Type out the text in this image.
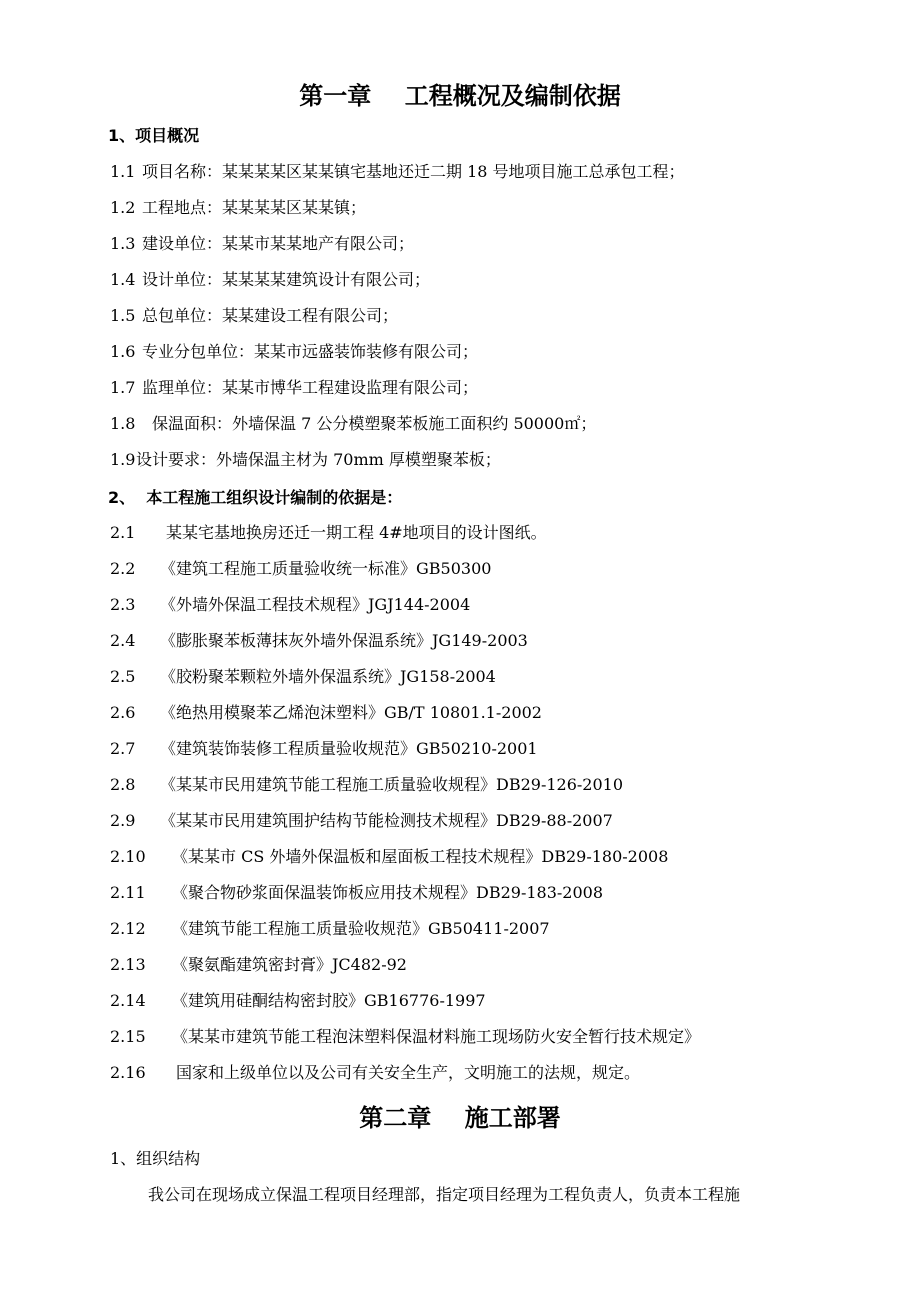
第一章    工程概况及编制依据
1、项目概况
1.1 项目名称：某某某某区某某镇宅基地还迁二期 18 号地项目施工总承包工程；
1.2 工程地点：某某某某区某某镇；
1.3 建设单位：某某市某某地产有限公司；
1.4 设计单位：某某某某建筑设计有限公司；
1.5 总包单位：某某建设工程有限公司；
1.6 专业分包单位：某某市远盛装饰装修有限公司；
1.7 监理单位：某某市博华工程建设监理有限公司；
1.8 保温面积：外墙保温 7 公分模塑聚苯板施工面积约 50000㎡；
1.9设计要求：外墙保温主材为 70mm 厚模塑聚苯板；
2、  本工程施工组织设计编制的依据是：
2.1 某某宅基地换房还迁一期工程 4#地项目的设计图纸。
2.2 《建筑工程施工质量验收统一标准》GB50300
2.3 《外墙外保温工程技术规程》JGJ144-2004
2.4 《膨胀聚苯板薄抹灰外墙外保温系统》JG149-2003
2.5 《胶粉聚苯颗粒外墙外保温系统》JG158-2004
2.6 《绝热用模聚苯乙烯泡沫塑料》GB/T 10801.1-2002
2.7 《建筑装饰装修工程质量验收规范》GB50210-2001
2.8 《某某市民用建筑节能工程施工质量验收规程》DB29-126-2010
2.9 《某某市民用建筑围护结构节能检测技术规程》DB29-88-2007
2.10 《某某市 CS 外墙外保温板和屋面板工程技术规程》DB29-180-2008
2.11 《聚合物砂浆面保温装饰板应用技术规程》DB29-183-2008
2.12 《建筑节能工程施工质量验收规范》GB50411-2007
2.13 《聚氨酯建筑密封膏》JC482-92
2.14 《建筑用硅酮结构密封胶》GB16776-1997
2.15 《某某市建筑节能工程泡沫塑料保温材料施工现场防火安全暂行技术规定》
2.16 国家和上级单位以及公司有关安全生产，文明施工的法规，规定。
第二章    施工部署
1、组织结构
我公司在现场成立保温工程项目经理部，指定项目经理为工程负责人，负责本工程施
